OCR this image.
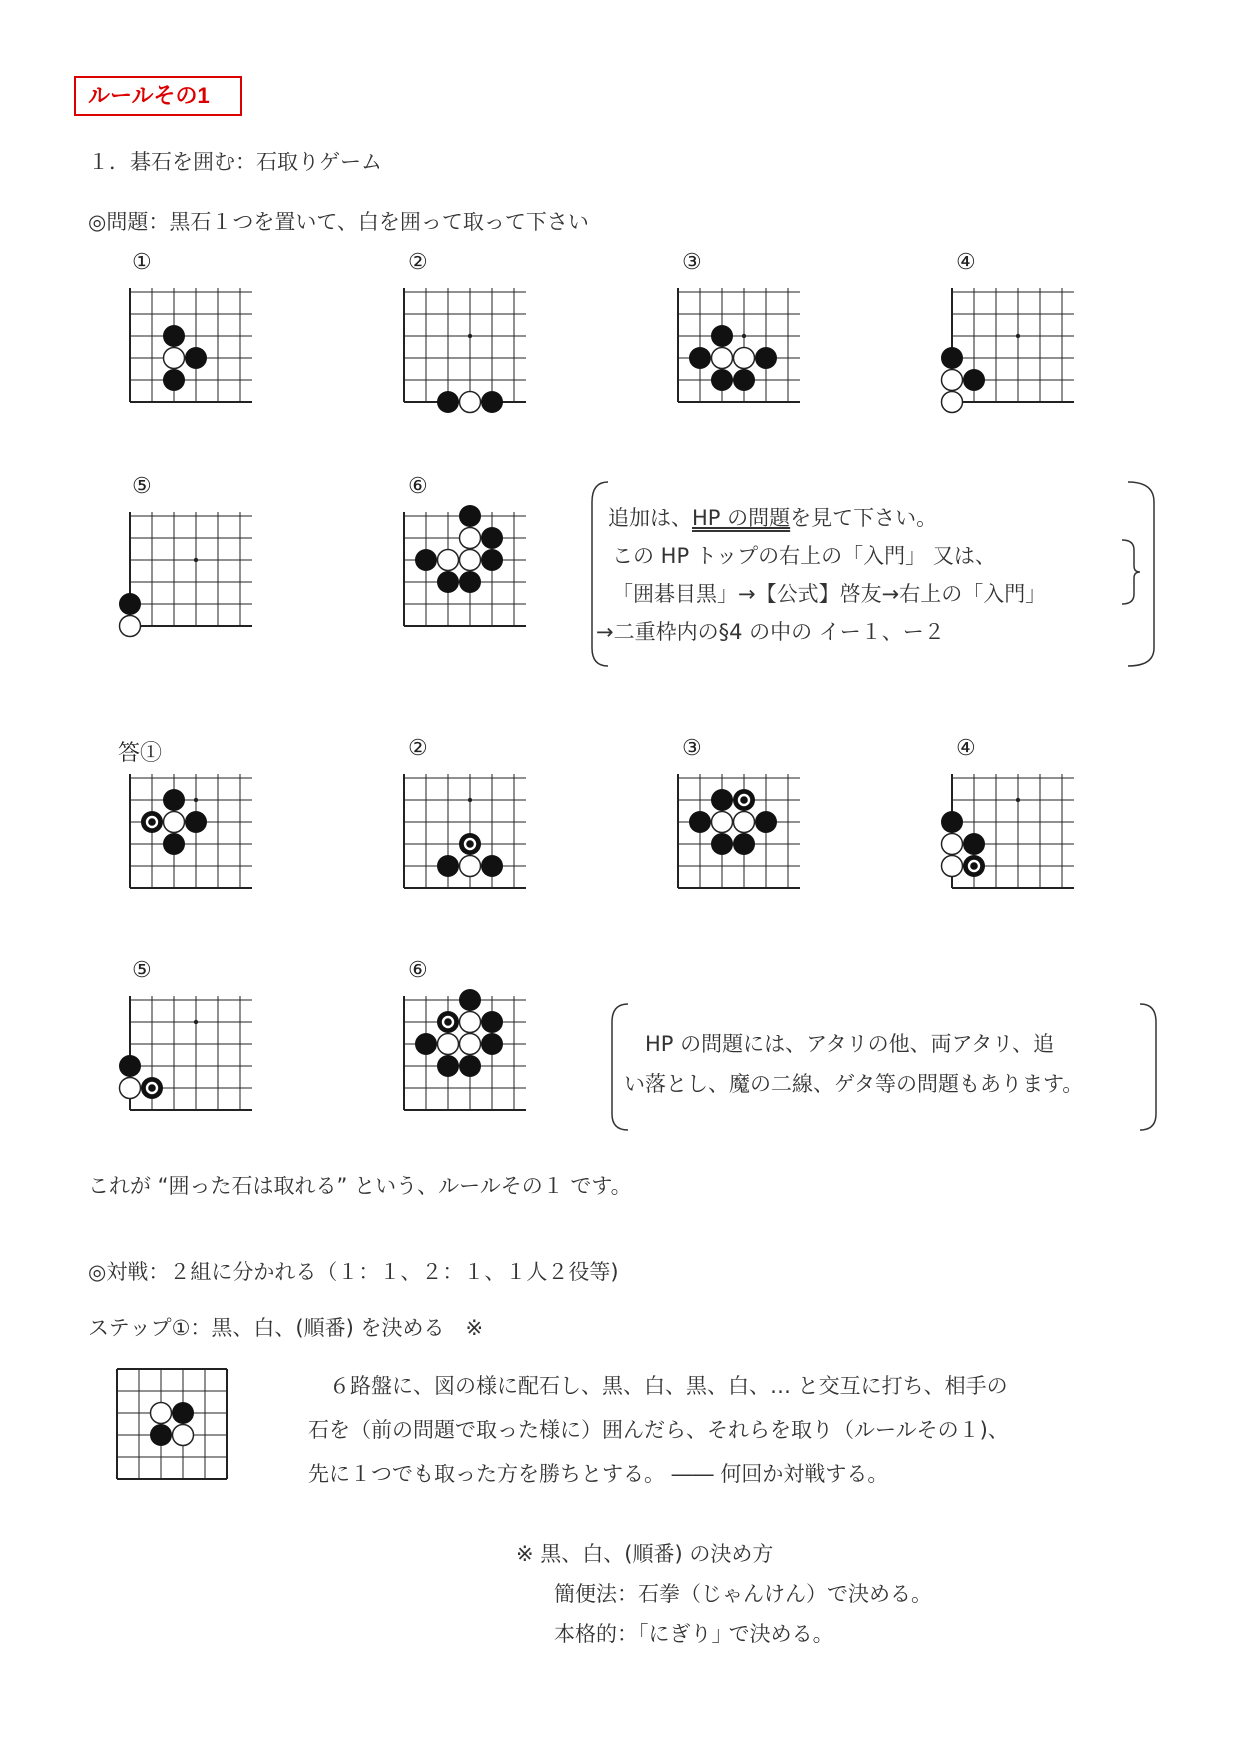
ルールその1
１．碁石を囲む：石取りゲーム
◎問題：黒石１つを置いて、白を囲って取って下さい
①	②	③	④
⑤	⑥
追加は、HP の問題を見て下さい。
この HP トップの右上の「入門」 又は、
「囲碁目黒」→【公式】啓友→右上の「入門」
→二重枠内の§4 の中の イー１、ー２
答①	②	③	④
⑤	⑥
　HP の問題には、アタリの他、両アタリ、追
い落とし、魔の二線、ゲタ等の問題もあります。
これが “囲った石は取れる” という、ルールその１ です。
◎対戦：２組に分かれる（１：１、２：１、１人２役等)
ステップ①：黒、白、(順番) を決める　※
　６路盤に、図の様に配石し、黒、白、黒、白、… と交互に打ち、相手の
石を（前の問題で取った様に）囲んだら、それらを取り（ルールその１)、
先に１つでも取った方を勝ちとする。 ―― 何回か対戦する。
※ 黒、白、(順番) の決め方
簡便法：石拳（じゃんけん）で決める。
本格的：｢にぎり｣ で決める。
